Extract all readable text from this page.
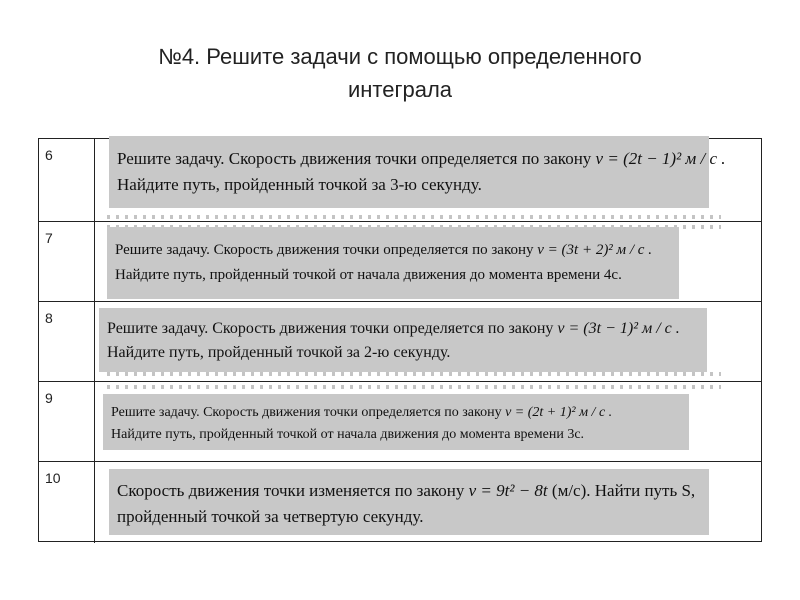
№4. Решите задачи с помощью определенного
интеграла
6	Решите задачу. Скорость движения точки определяется по закону v = (2t − 1)² м / с .
Найдите путь, пройденный точкой за 3-ю секунду.
7
Решите задачу. Скорость движения точки определяется по закону v = (3t + 2)² м / с .
Найдите путь, пройденный точкой от начала движения до момента времени 4с.
8
Решите задачу. Скорость движения точки определяется по закону v = (3t − 1)² м / с .
Найдите путь, пройденный точкой за 2-ю секунду.
9
Решите задачу. Скорость движения точки определяется по закону v = (2t + 1)² м / с .
Найдите путь, пройденный точкой от начала движения до момента времени 3с.
10
Скорость движения точки изменяется по закону v = 9t² − 8t (м/с). Найти путь S,
пройденный точкой за четвертую секунду.
